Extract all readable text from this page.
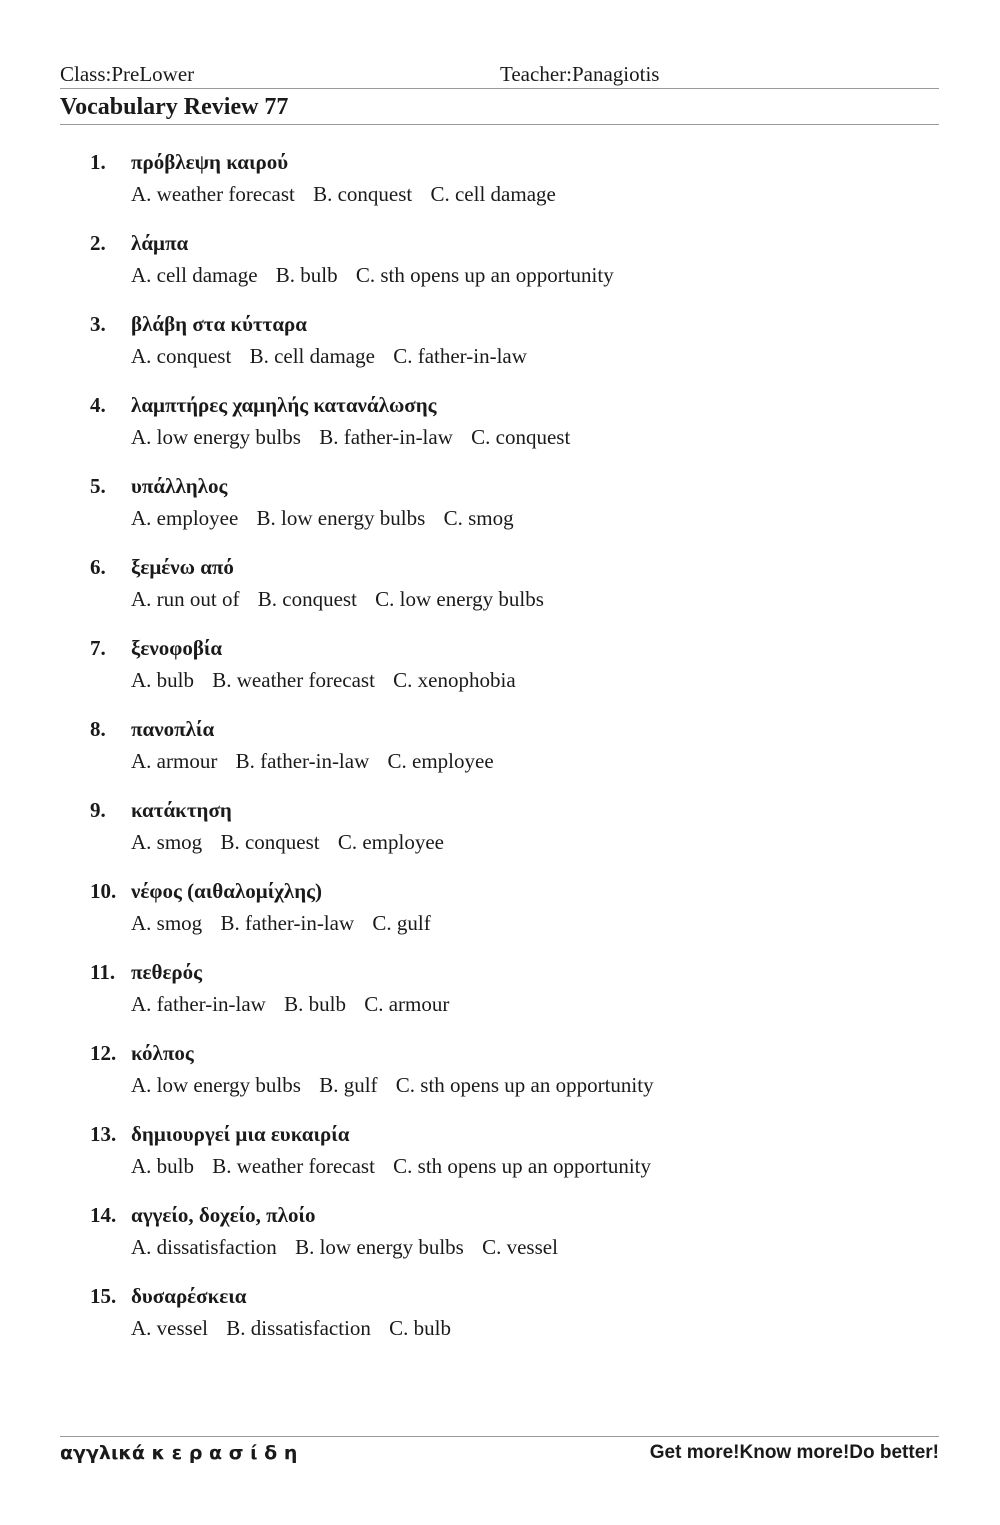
Class:PreLower	Teacher:Panagiotis
Vocabulary Review 77
1.	πρόβλεψη καιρού
A. weather forecast B. conquest C. cell damage
2.	λάμπα
A. cell damage B. bulb C. sth opens up an opportunity
3.	βλάβη στα κύτταρα
A. conquest B. cell damage C. father-in-law
4.	λαμπτήρες χαμηλής κατανάλωσης
A. low energy bulbs B. father-in-law C. conquest
5.	υπάλληλος
A. employee B. low energy bulbs C. smog
6.	ξεμένω από
A. run out of B. conquest C. low energy bulbs
7.	ξενοφοβία
A. bulb B. weather forecast C. xenophobia
8.	πανοπλία
A. armour B. father-in-law C. employee
9.	κατάκτηση
A. smog B. conquest C. employee
10. νέφος (αιθαλομίχλης)
A. smog B. father-in-law C. gulf
11. πεθερός
A. father-in-law B. bulb C. armour
12. κόλπος
A. low energy bulbs B. gulf C. sth opens up an opportunity
13. δημιουργεί μια ευκαιρία
A. bulb B. weather forecast C. sth opens up an opportunity
14. αγγείο, δοχείο, πλοίο
A. dissatisfaction B. low energy bulbs C. vessel
15. δυσαρέσκεια
A. vessel B. dissatisfaction C. bulb
αγγλικά κ ε ρ α σ ί δ η	Get more!Know more!Do better!
